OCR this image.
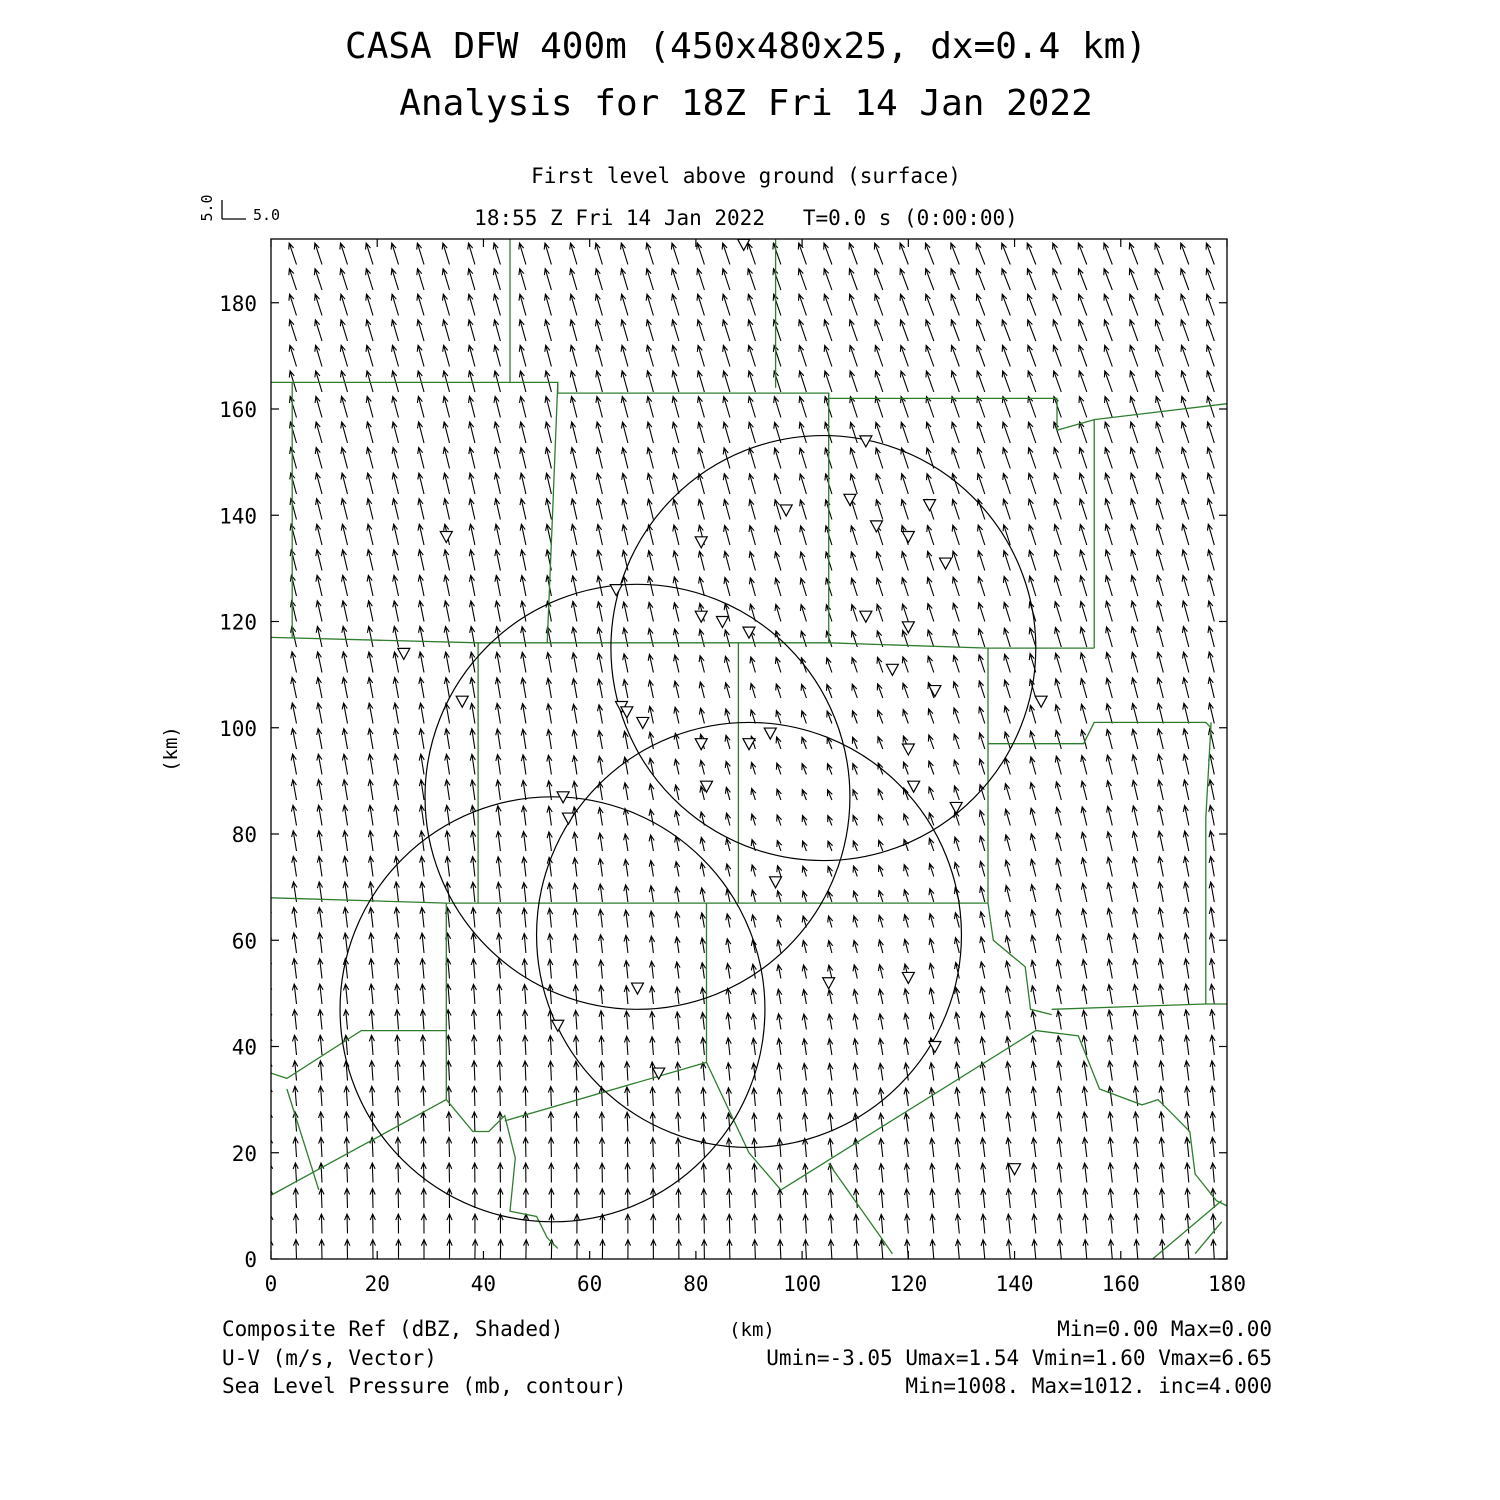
CASA DFW 400m (450x480x25, dx=0.4 km)
Analysis for 18Z Fri 14 Jan 2022
First level above ground (surface)
18:55 Z Fri 14 Jan 2022   T=0.0 s (0:00:00)
5.0 5.0
0	20	40	60	80	100	120	140	160	180
0
20
40
60
80
100
120
140
160
180
(km)
Composite Ref (dBZ, Shaded)
U-V (m/s, Vector)
Sea Level Pressure (mb, contour)
(km)	Min=0.00 Max=0.00
Umin=-3.05 Umax=1.54 Vmin=1.60 Vmax=6.65
Min=1008. Max=1012. inc=4.000
